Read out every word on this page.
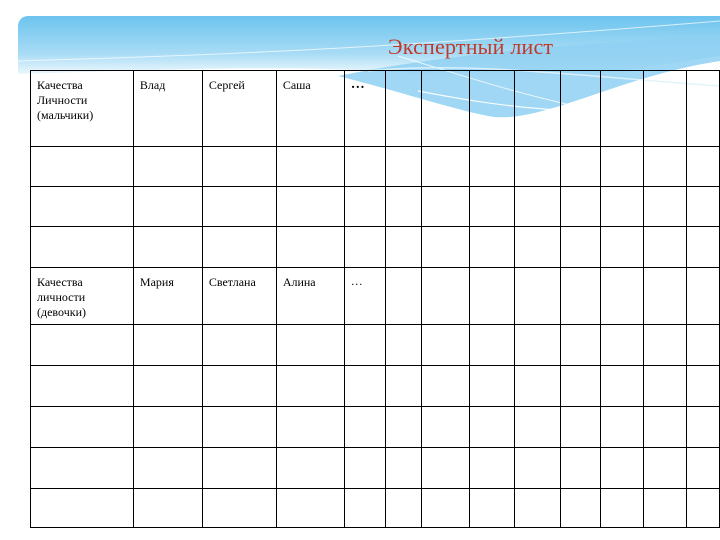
Экспертный лист
Качества Личности (мальчики)	Влад	Сергей	Саша	…								

Качества личности (девочки)	Мария	Светлана	Алина	…								
